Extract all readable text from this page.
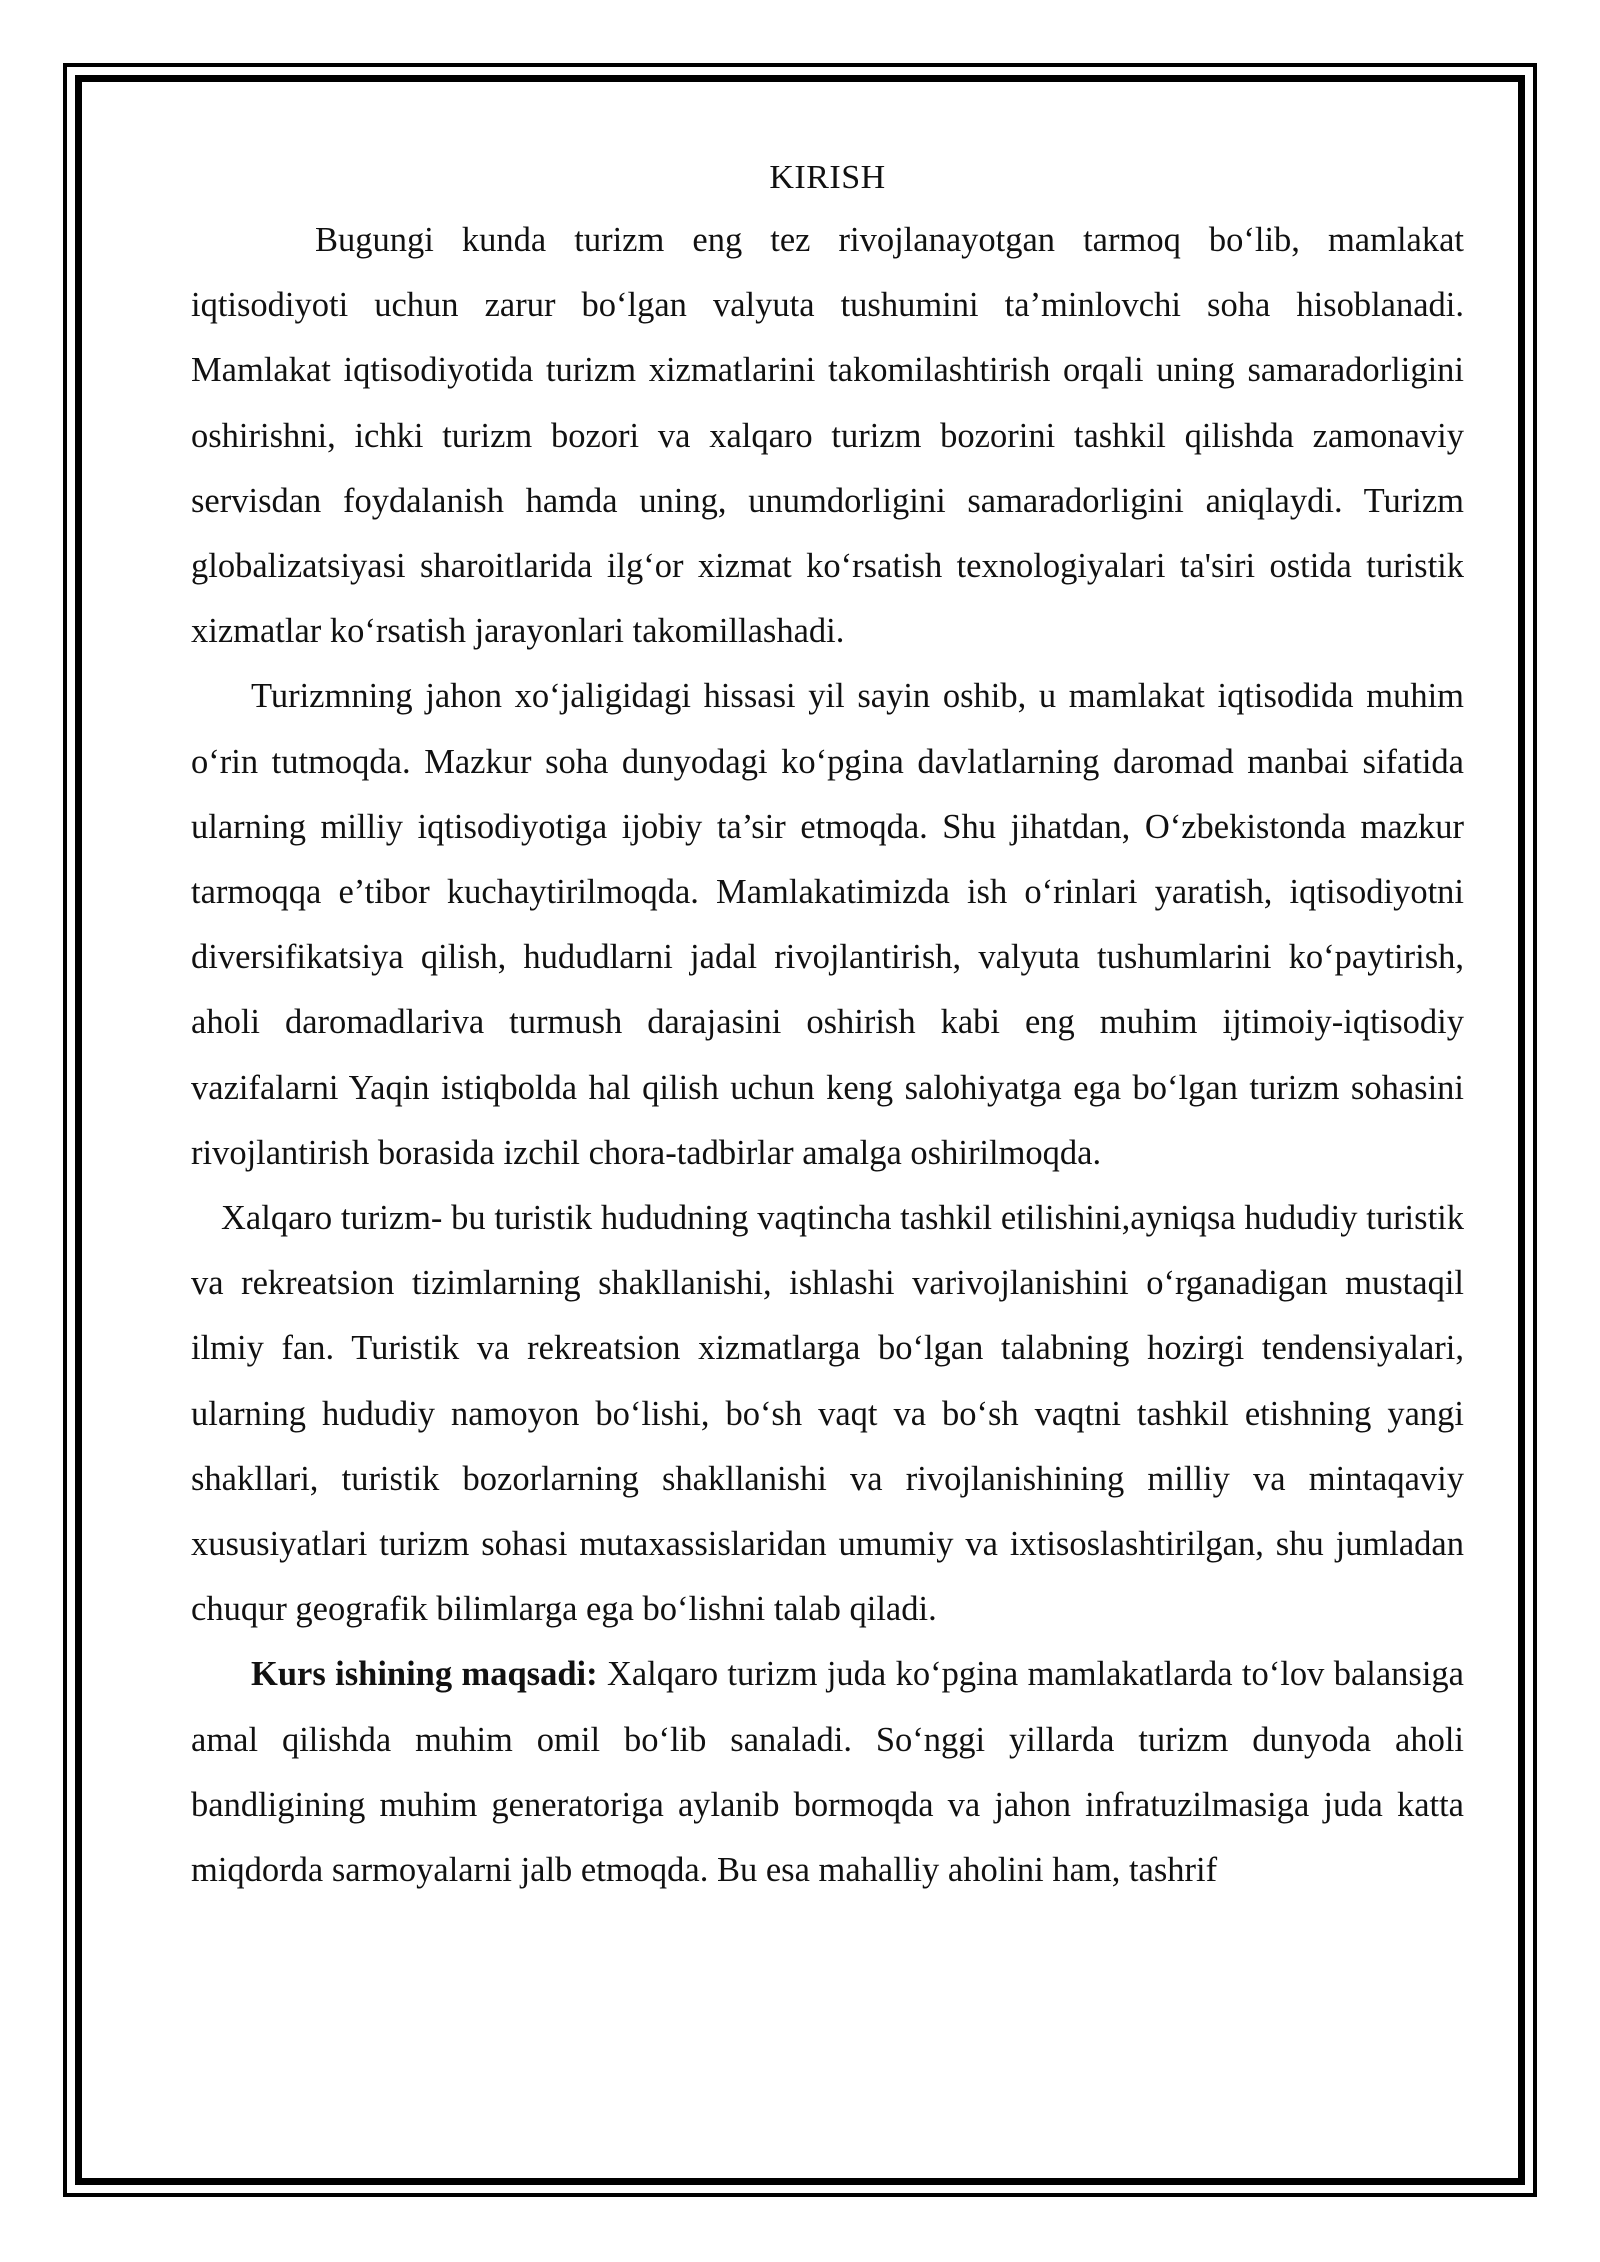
KIRISH

Bugungi kunda turizm eng tez rivojlanayotgan tarmoq bo‘lib, mamlakat iqtisodiyoti uchun zarur bo‘lgan valyuta tushumini ta’minlovchi soha hisoblanadi. Mamlakat iqtisodiyotida turizm xizmatlarini takomilashtirish orqali uning samaradorligini oshirishni, ichki turizm bozori va xalqaro turizm bozorini tashkil qilishda zamonaviy servisdan foydalanish hamda uning, unumdorligini samaradorligini aniqlaydi. Turizm globalizatsiyasi sharoitlarida ilg‘or xizmat ko‘rsatish texnologiyalari ta'siri ostida turistik xizmatlar ko‘rsatish jarayonlari takomillashadi.

Turizmning jahon xo‘jaligidagi hissasi yil sayin oshib, u mamlakat iqtisodida muhim o‘rin tutmoqda. Mazkur soha dunyodagi ko‘pgina davlatlarning daromad manbai sifatida ularning milliy iqtisodiyotiga ijobiy ta’sir etmoqda. Shu jihatdan, O‘zbekistonda mazkur tarmoqqa e’tibor kuchaytirilmoqda. Mamlakatimizda ish o‘rinlari yaratish, iqtisodiyotni diversifikatsiya qilish, hududlarni jadal rivojlantirish, valyuta tushumlarini ko‘paytirish, aholi daromadlariva turmush darajasini oshirish kabi eng muhim ijtimoiy-iqtisodiy vazifalarni Yaqin istiqbolda hal qilish uchun keng salohiyatga ega bo‘lgan turizm sohasini rivojlantirish borasida izchil chora-tadbirlar amalga oshirilmoqda.

Xalqaro turizm- bu turistik hududning vaqtincha tashkil etilishini,ayniqsa hududiy turistik va rekreatsion tizimlarning shakllanishi, ishlashi varivojlanishini o‘rganadigan mustaqil ilmiy fan. Turistik va rekreatsion xizmatlarga bo‘lgan talabning hozirgi tendensiyalari, ularning hududiy namoyon bo‘lishi, bo‘sh vaqt va bo‘sh vaqtni tashkil etishning yangi shakllari, turistik bozorlarning shakllanishi va rivojlanishining milliy va mintaqaviy xususiyatlari turizm sohasi mutaxassislaridan umumiy va ixtisoslashtirilgan, shu jumladan chuqur geografik bilimlarga ega bo‘lishni talab qiladi.

Kurs ishining maqsadi: Xalqaro turizm juda ko‘pgina mamlakatlarda to‘lov balansiga amal qilishda muhim omil bo‘lib sanaladi. So‘nggi yillarda turizm dunyoda aholi bandligining muhim generatoriga aylanib bormoqda va jahon infratuzilmasiga juda katta miqdorda sarmoyalarni jalb etmoqda. Bu esa mahalliy aholini ham, tashrif
